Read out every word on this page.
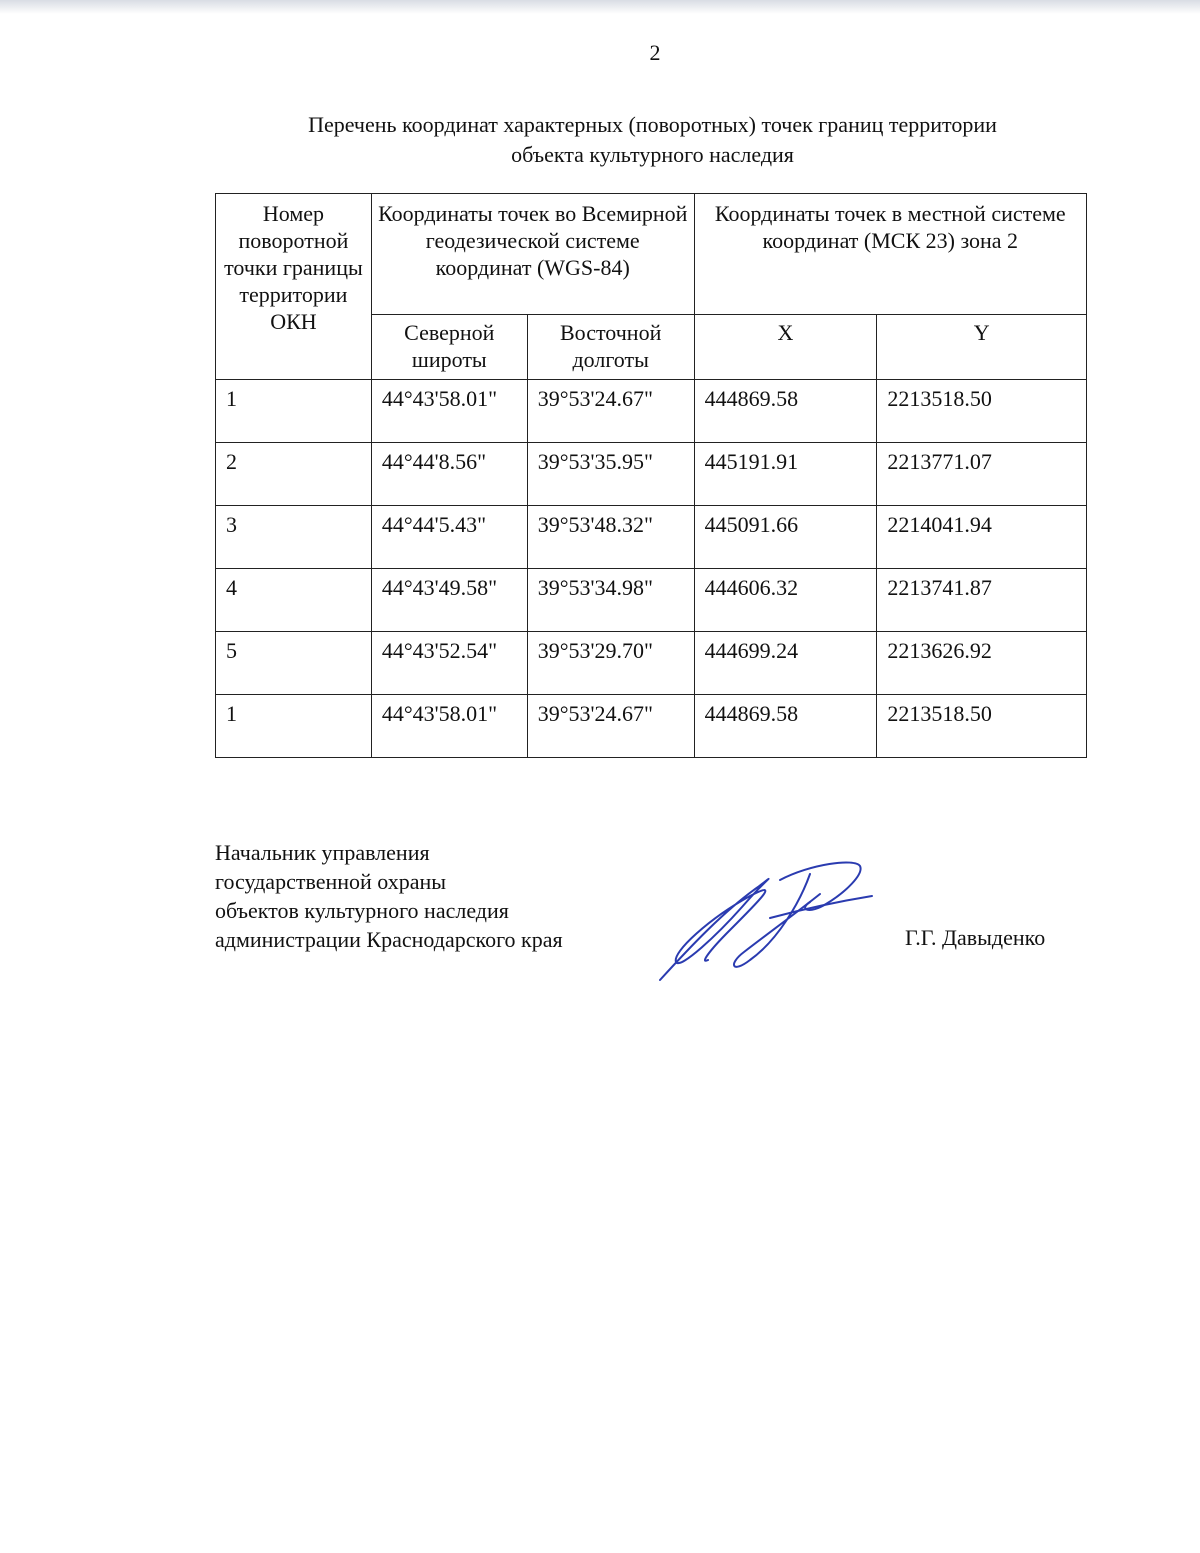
2
Перечень координат характерных (поворотных) точек границ территории
объекта культурного наследия
Номер поворотной точки границы территории ОКН	Координаты точек во Всемирной геодезической системе координат (WGS-84)		Координаты точек в местной системе координат (МСК 23) зона 2	
	Северной широты	Восточной долготы	X	Y
1	44°43'58.01"	39°53'24.67"	444869.58	2213518.50
2	44°44'8.56"	39°53'35.95"	445191.91	2213771.07
3	44°44'5.43"	39°53'48.32"	445091.66	2214041.94
4	44°43'49.58"	39°53'34.98"	444606.32	2213741.87
5	44°43'52.54"	39°53'29.70"	444699.24	2213626.92
1	44°43'58.01"	39°53'24.67"	444869.58	2213518.50
Начальник управления
государственной охраны
объектов культурного наследия
администрации Краснодарского края	Г.Г. Давыденко
